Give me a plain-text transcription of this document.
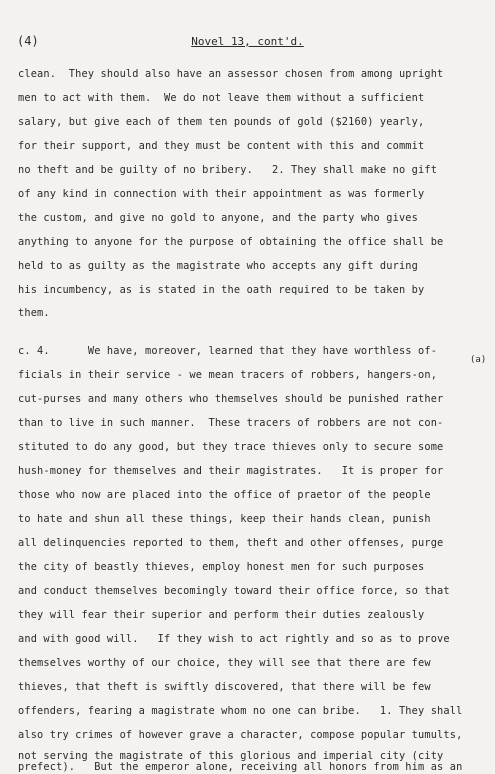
(4)	Novel 13, cont'd.
clean.  They should also have an assessor chosen from among upright
men to act with them.  We do not leave them without a sufficient
salary, but give each of them ten pounds of gold ($2160) yearly,
for their support, and they must be content with this and commit
no theft and be guilty of no bribery.   2. They shall make no gift
of any kind in connection with their appointment as was formerly
the custom, and give no gold to anyone, and the party who gives
anything to anyone for the purpose of obtaining the office shall be
held to as guilty as the magistrate who accepts any gift during
his incumbency, as is stated in the oath required to be taken by
them.
c. 4.      We have, moreover, learned that they have worthless of-
(a)
ficials in their service - we mean tracers of robbers, hangers-on,
cut-purses and many others who themselves should be punished rather
than to live in such manner.  These tracers of robbers are not con-
stituted to do any good, but they trace thieves only to secure some
hush-money for themselves and their magistrates.   It is proper for
those who now are placed into the office of praetor of the people
to hate and shun all these things, keep their hands clean, punish
all delinquencies reported to them, theft and other offenses, purge
the city of beastly thieves, employ honest men for such purposes
and conduct themselves becomingly toward their office force, so that
they will fear their superior and perform their duties zealously
and with good will.   If they wish to act rightly and so as to prove
themselves worthy of our choice, they will see that there are few
thieves, that theft is swiftly discovered, that there will be few
offenders, fearing a magistrate whom no one can bribe.   1. They shall
also try crimes of however grave a character, compose popular tumults,
not serving the magistrate of this glorious and imperial city (city
prefect).   But the emperor alone, receiving all honors from him as an
